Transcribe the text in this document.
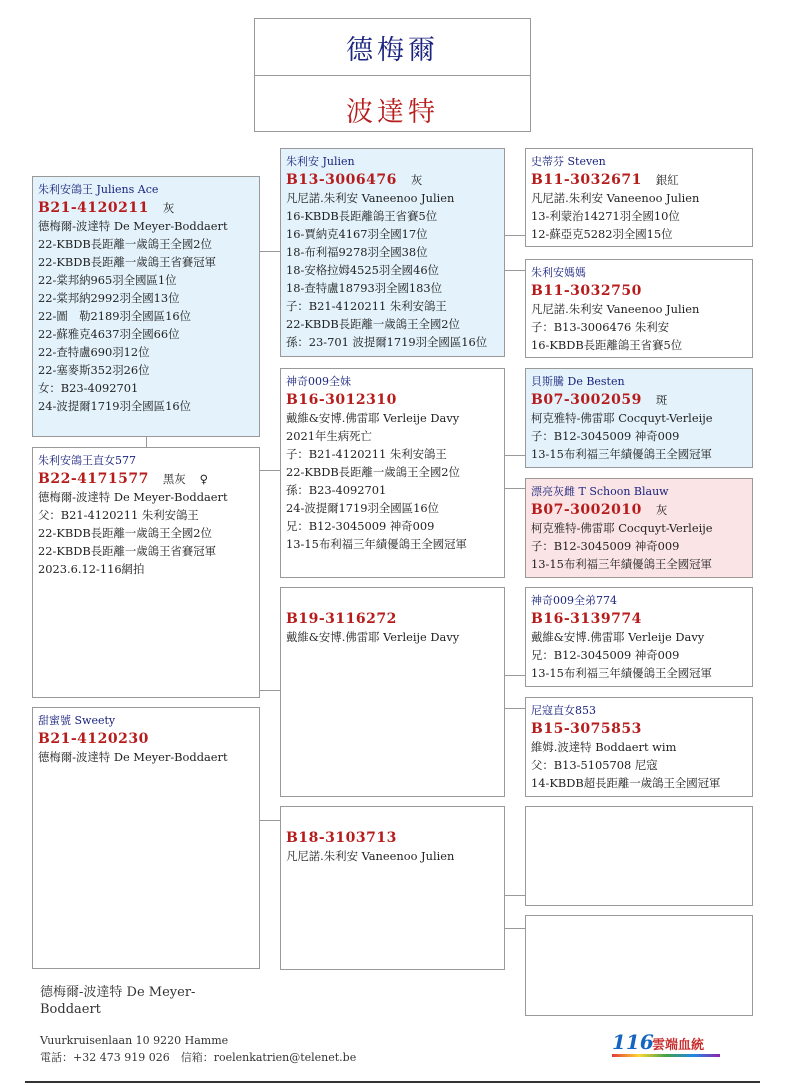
德梅爾
波達特
朱利安鴿王 Juliens Ace
B21-4120211 灰
德梅爾-波達特 De Meyer-Boddaert
22-KBDB長距離一歲鴿王全國2位
22-KBDB長距離一歲鴿王省賽冠軍
22-棠邦納965羽全國區1位
22-棠邦納2992羽全國13位
22-圖　勒2189羽全國區16位
22-蘇雅克4637羽全國66位
22-查特盧690羽12位
22-塞麥斯352羽26位
女：B23-4092701
24-波提爾1719羽全國區16位
朱利安鴿王直女577
B22-4171577 黑灰 ♀
德梅爾-波達特 De Meyer-Boddaert
父：B21-4120211 朱利安鴿王
22-KBDB長距離一歲鴿王全國2位
22-KBDB長距離一歲鴿王省賽冠軍
2023.6.12-116網拍
甜蜜號 Sweety
B21-4120230
德梅爾-波達特 De Meyer-Boddaert
朱利安 Julien
B13-3006476 灰
凡尼諾.朱利安 Vaneenoo Julien
16-KBDB長距離鴿王省賽5位
16-賈納克4167羽全國17位
18-布利福9278羽全國38位
18-安格拉姆4525羽全國46位
18-查特盧18793羽全國183位
子：B21-4120211 朱利安鴿王
22-KBDB長距離一歲鴿王全國2位
孫：23-701 波提爾1719羽全國區16位
神奇009全妹
B16-3012310
戴維&安博.佛雷耶 Verleije Davy
2021年生病死亡
子：B21-4120211 朱利安鴿王
22-KBDB長距離一歲鴿王全國2位
孫：B23-4092701
24-波提爾1719羽全國區16位
兄：B12-3045009 神奇009
13-15布利福三年績優鴿王全國冠軍
B19-3116272
戴維&安博.佛雷耶 Verleije Davy
B18-3103713
凡尼諾.朱利安 Vaneenoo Julien
史蒂芬 Steven
B11-3032671 銀紅
凡尼諾.朱利安 Vaneenoo Julien
13-利蒙治14271羽全國10位
12-蘇亞克5282羽全國15位
朱利安媽媽
B11-3032750
凡尼諾.朱利安 Vaneenoo Julien
子：B13-3006476 朱利安
16-KBDB長距離鴿王省賽5位
貝斯騰 De Besten
B07-3002059 斑
柯克雅特-佛雷耶 Cocquyt-Verleije
子：B12-3045009 神奇009
13-15布利福三年績優鴿王全國冠軍
漂亮灰雌 T Schoon Blauw
B07-3002010 灰
柯克雅特-佛雷耶 Cocquyt-Verleije
子：B12-3045009 神奇009
13-15布利福三年績優鴿王全國冠軍
神奇009全弟774
B16-3139774
戴維&安博.佛雷耶 Verleije Davy
兄：B12-3045009 神奇009
13-15布利福三年績優鴿王全國冠軍
尼寇直女853
B15-3075853
維姆.波達特 Boddaert wim
父：B13-5105708 尼寇
14-KBDB超長距離一歲鴿王全國冠軍
德梅爾-波達特 De Meyer-Boddaert
Vuurkruisenlaan 10 9220 Hamme
電話：+32 473 919 026　信箱：roelenkatrien@telenet.be
116
雲端血統
